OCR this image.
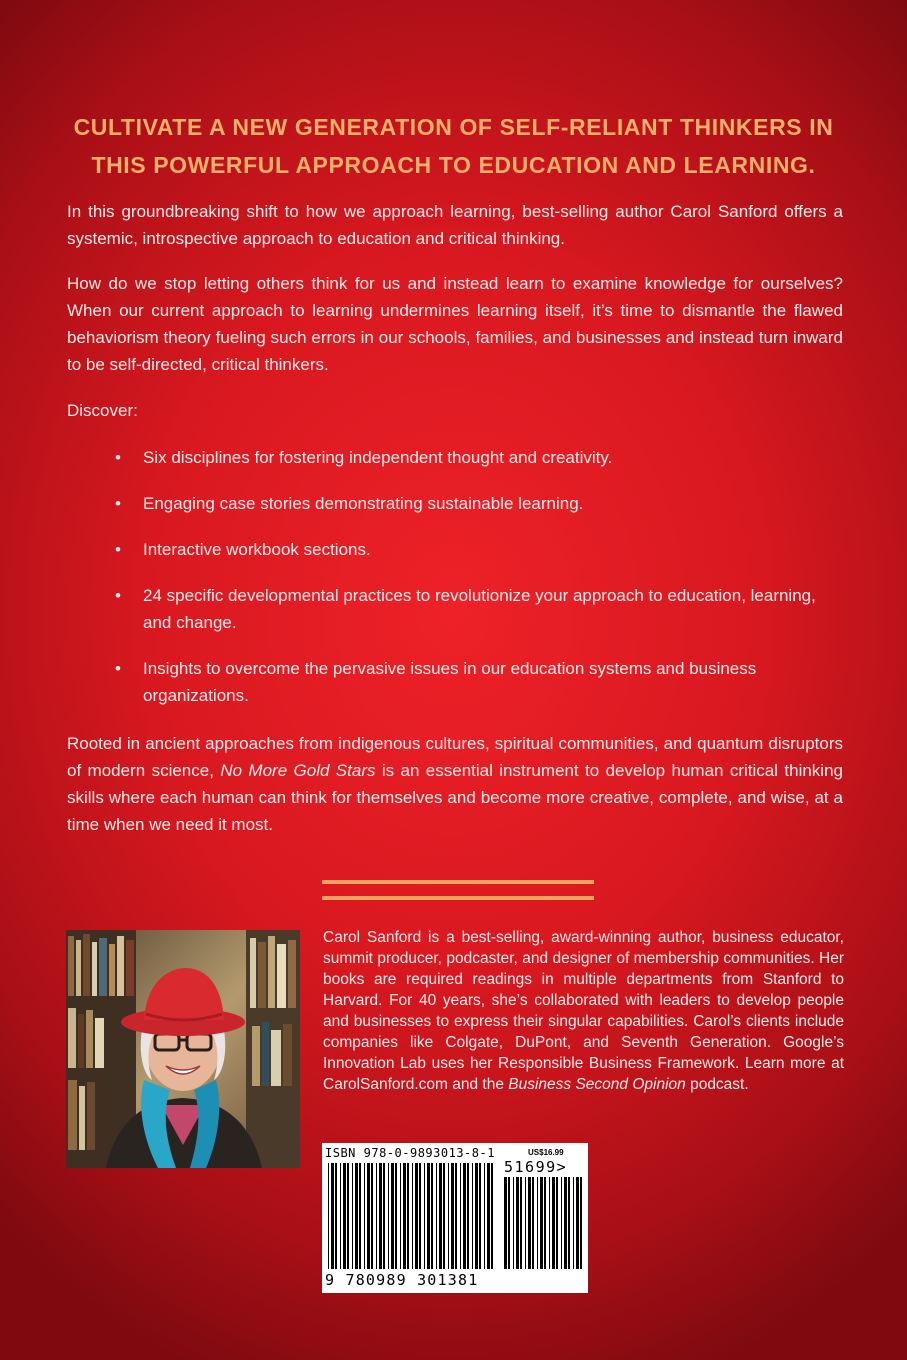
CULTIVATE A NEW GENERATION OF SELF-RELIANT THINKERS IN
THIS POWERFUL APPROACH TO EDUCATION AND LEARNING.

In this groundbreaking shift to how we approach learning, best-selling author Carol Sanford offers a systemic, introspective approach to education and critical thinking.

How do we stop letting others think for us and instead learn to examine knowledge for ourselves? When our current approach to learning undermines learning itself, it’s time to dismantle the flawed behaviorism theory fueling such errors in our schools, families, and businesses and instead turn inward to be self-directed, critical thinkers.

Discover:

• Six disciplines for fostering independent thought and creativity.
• Engaging case stories demonstrating sustainable learning.
• Interactive workbook sections.
• 24 specific developmental practices to revolutionize your approach to education, learning, and change.
• Insights to overcome the pervasive issues in our education systems and business organizations.

Rooted in ancient approaches from indigenous cultures, spiritual communities, and quantum disruptors of modern science, No More Gold Stars is an essential instrument to develop human critical thinking skills where each human can think for themselves and become more creative, complete, and wise, at a time when we need it most.

Carol Sanford is a best-selling, award-winning author, business educator, summit producer, podcaster, and designer of membership communities. Her books are required readings in multiple departments from Stanford to Harvard. For 40 years, she’s collaborated with leaders to develop people and businesses to express their singular capabilities. Carol’s clients include companies like Colgate, DuPont, and Seventh Generation. Google’s Innovation Lab uses her Responsible Business Framework. Learn more at CarolSanford.com and the Business Second Opinion podcast.

ISBN 978-0-9893013-8-1	US$16.99
51699>
9 780989 301381
